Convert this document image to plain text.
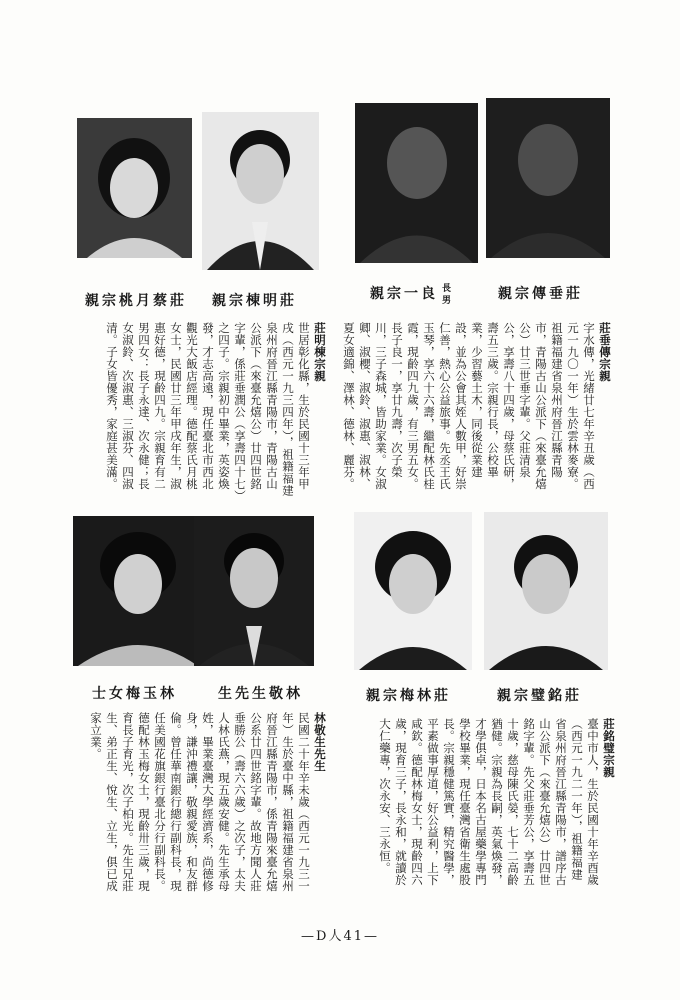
親宗桃月蔡莊 親宗棟明莊	親宗一良 長男	親宗傳垂莊

莊垂傳宗親

字水傳，光緒廿七年辛丑歲（西元一九〇一年）生於雲林麥寮。祖籍福建省泉州府晉江縣青陽市，青陽古山公派下（來臺允熺公）廿三世垂字輩。父莊清泉公，享壽八十四歲，母蔡氏研，壽五三歲。宗親行長，公校畢業，少習藝土木，同後從業建設，並為公會其姪人數甲，好崇仁善，熱心公益旅事。先丞王氏玉琴，享六十六壽，繼配林氏桂霞，現齡四九歲，有三男五女。長子良一，享廿九壽，次子榮川，三子森城，皆助家業。女淑卿、淑櫻、淑鈴、淑惠、淑林、夏女適錦、澤林、德林、麗芬。

莊明棟宗親

世居彰化縣，生於民國十三年甲戌（西元一九三四年），祖籍福建泉州府晉江縣青陽市，青陽古山公派下（來臺允熺公）廿四世銘字輩，係莊垂潤公（享壽四十七）之四子。宗親初中畢業，英姿煥發，才志高遠，現任臺北市西北觀光大飯店經理。德配蔡氏月桃女士，民國廿三年甲戌年生，淑惠好德，現齡四九。宗親育有二男四女：長子永達、次永健；長女淑鈴、次淑惠、三淑芬、四淑清。子女皆優秀，家庭甚美滿。

士女梅玉林	生先生敬林	親宗梅林莊	親宗璧銘莊

莊銘璧宗親

臺中市人，生於民國十年辛酉歲（西元一九二一年），祖籍福建省泉州府晉江縣青陽市，譜序古山公派下（來臺允熺公）廿四世銘字輩。先父莊垂芳公，享壽五十歲，慈母陳氏嫈，七十二高齡猶健。宗親為長嗣，英氣煥發，才學俱卓，日本名古屋藥學專門學校畢業，現任臺灣省衛生處股長。宗親穩健篤實，精究醫學，平素做事厚道，好公益利，上下咸欽。德配林梅女士，現齡四六歲，現育三子，長永和，就讀於大仁藥專，次永安、三永恒。

林敬生先生

民國二十年辛未歲（西元一九三一年）生於臺中縣，祖籍福建省泉州府晉江縣青陽市，係青陽來臺允熺公系廿四世銘字輩。故地方聞人莊垂勝公（壽六六歲）之次子，太夫人林氏燕，現五歲安健。先生承母姓，畢業臺灣大學經濟系，尚德修身，謙沖禮讓，敬親愛族，和友群倫。曾任華南銀行總行副科長，現任美國花旗銀行臺北分行副科長。德配林玉梅女士，現齡卅三歲，現育長子育光，次子柏光。先生兄莊生、弟正生、悅生、立生，俱已成家立業。

—D人41—
